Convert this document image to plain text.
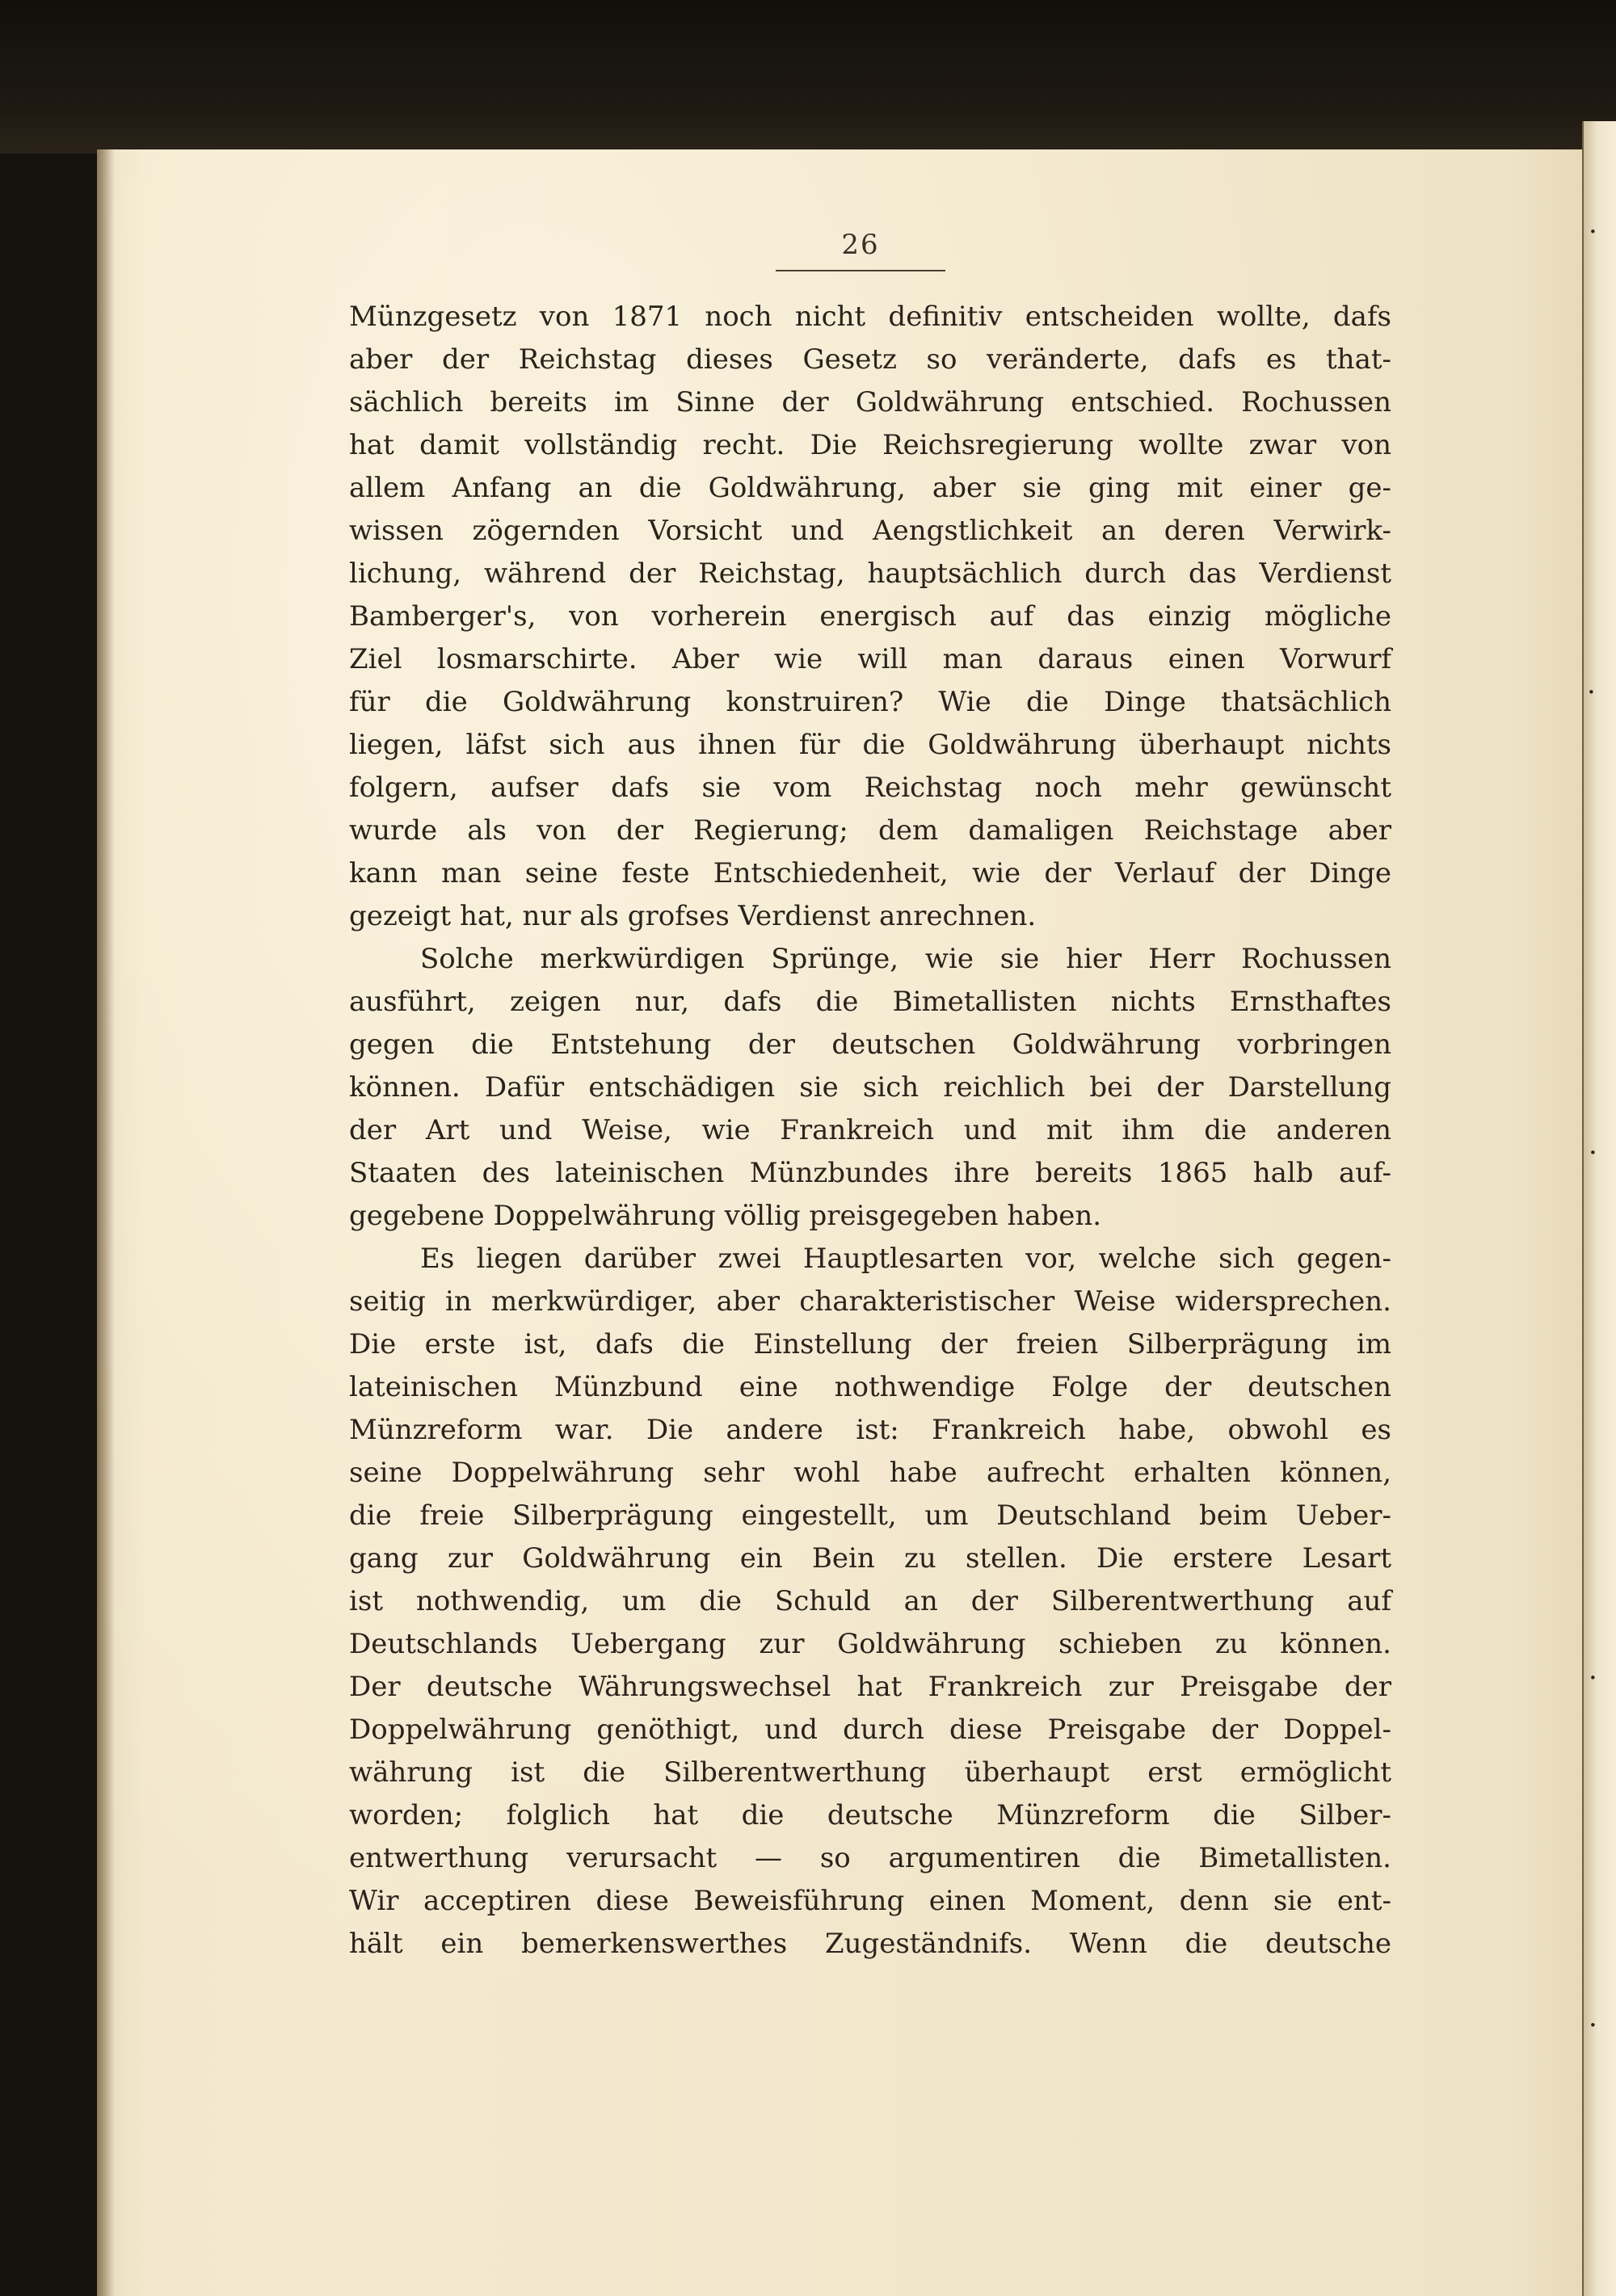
·
·
·
·
·
26
Münzgesetz von 1871 noch nicht definitiv entscheiden wollte, dafs
aber der Reichstag dieses Gesetz so veränderte, dafs es that-
sächlich bereits im Sinne der Goldwährung entschied. Rochussen
hat damit vollständig recht. Die Reichsregierung wollte zwar von
allem Anfang an die Goldwährung, aber sie ging mit einer ge-
wissen zögernden Vorsicht und Aengstlichkeit an deren Verwirk-
lichung, während der Reichstag, hauptsächlich durch das Verdienst
Bamberger's, von vorherein energisch auf das einzig mögliche
Ziel losmarschirte. Aber wie will man daraus einen Vorwurf
für die Goldwährung konstruiren? Wie die Dinge thatsächlich
liegen, läfst sich aus ihnen für die Goldwährung überhaupt nichts
folgern, aufser dafs sie vom Reichstag noch mehr gewünscht
wurde als von der Regierung; dem damaligen Reichstage aber
kann man seine feste Entschiedenheit, wie der Verlauf der Dinge
gezeigt hat, nur als grofses Verdienst anrechnen.
Solche merkwürdigen Sprünge, wie sie hier Herr Rochussen
ausführt, zeigen nur, dafs die Bimetallisten nichts Ernsthaftes
gegen die Entstehung der deutschen Goldwährung vorbringen
können. Dafür entschädigen sie sich reichlich bei der Darstellung
der Art und Weise, wie Frankreich und mit ihm die anderen
Staaten des lateinischen Münzbundes ihre bereits 1865 halb auf-
gegebene Doppelwährung völlig preisgegeben haben.
Es liegen darüber zwei Hauptlesarten vor, welche sich gegen-
seitig in merkwürdiger, aber charakteristischer Weise widersprechen.
Die erste ist, dafs die Einstellung der freien Silberprägung im
lateinischen Münzbund eine nothwendige Folge der deutschen
Münzreform war. Die andere ist: Frankreich habe, obwohl es
seine Doppelwährung sehr wohl habe aufrecht erhalten können,
die freie Silberprägung eingestellt, um Deutschland beim Ueber-
gang zur Goldwährung ein Bein zu stellen. Die erstere Lesart
ist nothwendig, um die Schuld an der Silberentwerthung auf
Deutschlands Uebergang zur Goldwährung schieben zu können.
Der deutsche Währungswechsel hat Frankreich zur Preisgabe der
Doppelwährung genöthigt, und durch diese Preisgabe der Doppel-
währung ist die Silberentwerthung überhaupt erst ermöglicht
worden; folglich hat die deutsche Münzreform die Silber-
entwerthung verursacht — so argumentiren die Bimetallisten.
Wir acceptiren diese Beweisführung einen Moment, denn sie ent-
hält ein bemerkenswerthes Zugeständnifs. Wenn die deutsche
